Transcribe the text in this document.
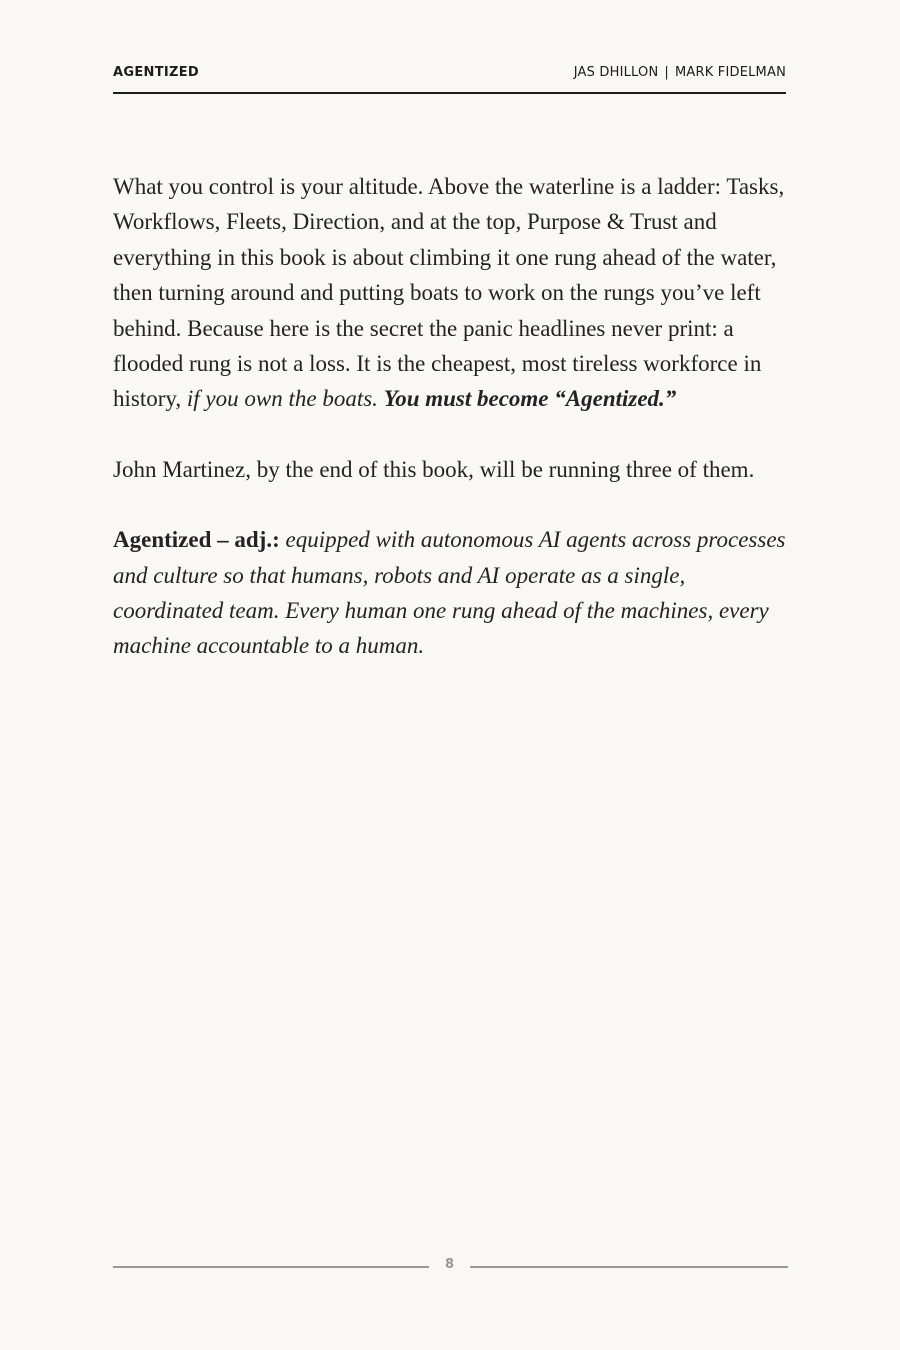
AGENTIZED	JAS DHILLON | MARK FIDELMAN

What you control is your altitude. Above the waterline is a ladder: Tasks, Workflows, Fleets, Direction, and at the top, Purpose & Trust and everything in this book is about climbing it one rung ahead of the water, then turning around and putting boats to work on the rungs you’ve left behind. Because here is the secret the panic headlines never print: a flooded rung is not a loss. It is the cheapest, most tireless workforce in history, if you own the boats. You must become “Agentized.”

John Martinez, by the end of this book, will be running three of them.

Agentized – adj.: equipped with autonomous AI agents across processes and culture so that humans, robots and AI operate as a single, coordinated team. Every human one rung ahead of the machines, every machine accountable to a human.

8
